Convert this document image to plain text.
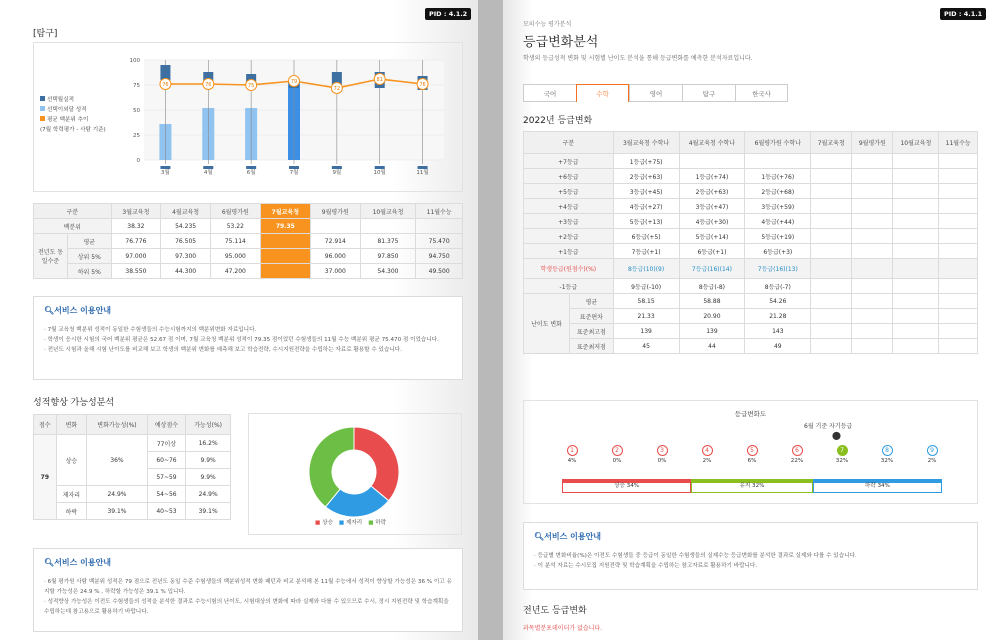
PID : 4.1.2
[탐구]
선택월실적
선택이외달 성적
평균 백분위 추이
(7월 학력평가 - 사탐 기준)
0
25
50
75
100
3월	4월	6월	7월	9월	10월	11월
76	76	75
79
72
81
76
구분		3월교육청	4월교육청	6월평가원	7월교육청	9월평가원	10월교육청	11월수능
백분위		38.32	54.235	53.22	79.35			
전년도 동일수준	평균	76.776	76.505	75.114		72.914	81.375	75.470
	상위 5%	97.000	97.300	95.000		96.000	97.850	94.750
	하위 5%	38.550	44.300	47.200		37.000	54.300	49.500
🔍︎서비스 이용안내
· 7월 교육청 백분위 성적이 동일한 수험생들의 수능시험까지의 백분위변화 자료입니다.
· 학생이 응시한 시험의 국어 백분위 평균은 52.67 점 이며, 7월 교육청 백분위 성적이 79.35 점이었던 수험생들의 11월 수능 백분위 평균 75.470 점 이었습니다.
· 전년도 시험과 올해 시험 난이도를 비교해 보고 학생의 백분위 변화를 예측해 보고 학습전략, 수시지원전략을 수립하는 자료로 활용할 수 있습니다.
성적향상 가능성분석
점수	변화	변화가능성(%)	예상점수	가능성(%)
79	상승	36%	77이상	16.2%
			60~76	9.9%
			57~59	9.9%
	제자리	24.9%	54~56	24.9%
	하락	39.1%	40~53	39.1%
■ 상승 ■ 제자리 ■ 하락
🔍︎서비스 이용안내
· 6월 평가원 사탐 백분위 성적은 79 점으로 전년도 동일 수준 수험생들의 백분위성적 변화 패턴과 비교 분석해 본 11월 수능에서 성적이 향상할 가능성은 36 % 이고 유지할 가능성은 24.9 % , 하락할 가능성은 39.1 % 입니다.
· 성적향상 가능성은 이전도 수험생들의 성적을 분석한 결과로 수능시험의 난이도, 시험대상의 변화에 따라 실제와 다를 수 있으므로 수시, 정시 지원전략 및 학습계획을 수립하는데 참고용으로 활용하기 바랍니다.
PID : 4.1.1
모의수능 평가분석
등급변화분석
학생의 등급성적 변화 및 시험별 난이도 분석을 통해 등급변화를 예측한 분석자료입니다.
국어	수학	영어	탐구	한국사
2022년 등급변화
구분		3월교육청 수학나	4월교육청 수학나	6월평가원 수학나	7월교육청	9월평가원	10월교육청	11월수능
+7등급		1등급(+75)						
+6등급		2등급(+63)	1등급(+74)	1등급(+76)				
+5등급		3등급(+45)	2등급(+63)	2등급(+68)				
+4등급		4등급(+27)	3등급(+47)	3등급(+59)				
+3등급		5등급(+13)	4등급(+30)	4등급(+44)				
+2등급		6등급(+5)	5등급(+14)	5등급(+19)				
+1등급		7등급(+1)	6등급(+1)	6등급(+3)				
학생등급(원점수)(%)		8등급(10)(9)	7등급(16)(14)	7등급(16)(13)				
-1등급		9등급(-10)	8등급(-8)	8등급(-7)				
난이도 변화	평균	58.15	58.88	54.26				
	표준편차	21.33	20.90	21.28				
	표준최고점	139	139	143				
	표준최저점	45	44	49				
등급변화도
6월 기준 자기등급
⬤
1
4%
2
0%
3
0%
4
2%
5
6%
6
22%
7
32%
8
32%
9
2%
상승 34%	유지 32%	하락 34%
🔍︎서비스 이용안내
· 등급별 변화비율(%)은 이전도 수험생들 중 등급이 동일한 수험생들의 실제수능 등급변화를 분석한 결과로 실제와 다를 수 있습니다.
· 이 분석 자료는 수시모집 지원전략 및 학습계획을 수립하는 참고자료로 활용하기 바랍니다.
전년도 등급변화
과목별분포데이터가 없습니다.
